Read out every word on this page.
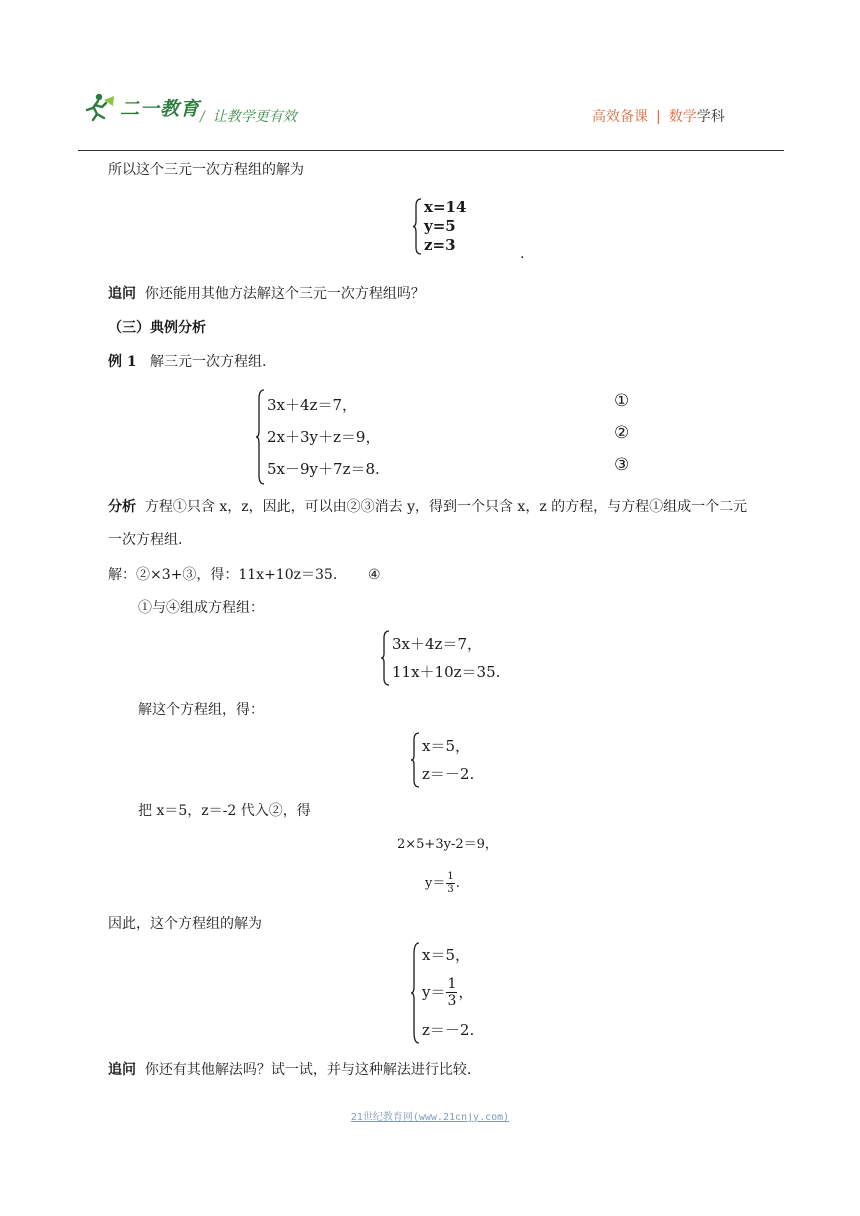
二一教育 / 让教学更有效	高效备课 | 数学学科
所以这个三元一次方程组的解为
x=14
y=5
z=3	.
追问 你还能用其他方法解这个三元一次方程组吗？
（三）典例分析
例 1 解三元一次方程组.
3x＋4z＝7，
2x＋3y＋z＝9，
5x－9y＋7z＝8.
①
②
③
分析 方程①只含 x，z，因此，可以由②③消去 y，得到一个只含 x，z 的方程，与方程①组成一个二元
一次方程组.
解：②×3+③，得：11x+10z＝35. ④
①与④组成方程组：
3x＋4z＝7，
11x＋10z＝35.
解这个方程组，得：
x＝5，
z＝－2.
把 x＝5，z＝-2 代入②，得
2×5+3y-2＝9，
$y= \frac{1}{3}$ .
因此，这个方程组的解为
x＝5，
$y= \frac{1}{3}$ ，
z＝－2.
追问 你还有其他解法吗？试一试，并与这种解法进行比较.
21世纪教育网(www.21cnjy.com)
